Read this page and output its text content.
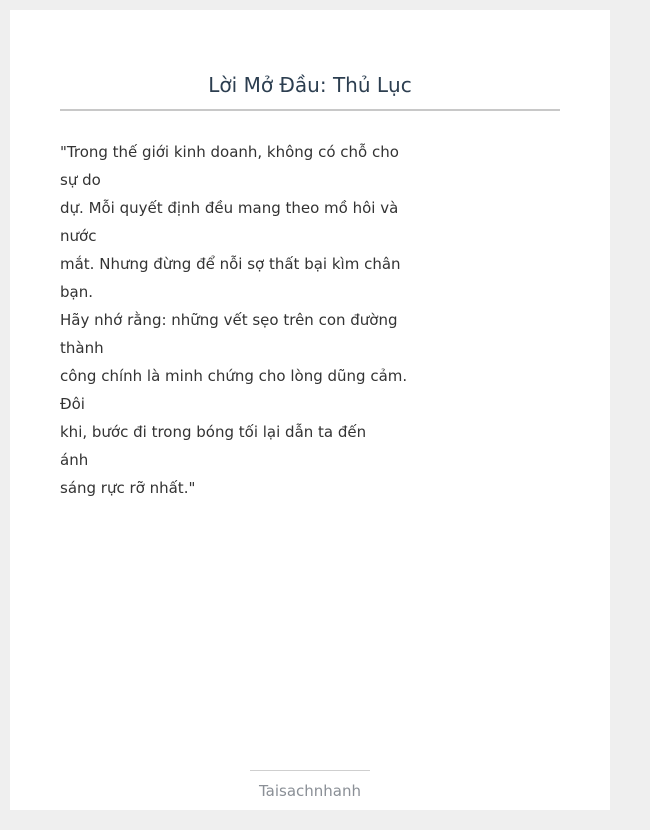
Lời Mở Đầu: Thủ Lục

"Trong thế giới kinh doanh, không có chỗ cho
sự do
dự. Mỗi quyết định đều mang theo mồ hôi và
nước
mắt. Nhưng đừng để nỗi sợ thất bại kìm chân
bạn.
Hãy nhớ rằng: những vết sẹo trên con đường
thành
công chính là minh chứng cho lòng dũng cảm.
Đôi
khi, bước đi trong bóng tối lại dẫn ta đến
ánh
sáng rực rỡ nhất."

Taisachnhanh
